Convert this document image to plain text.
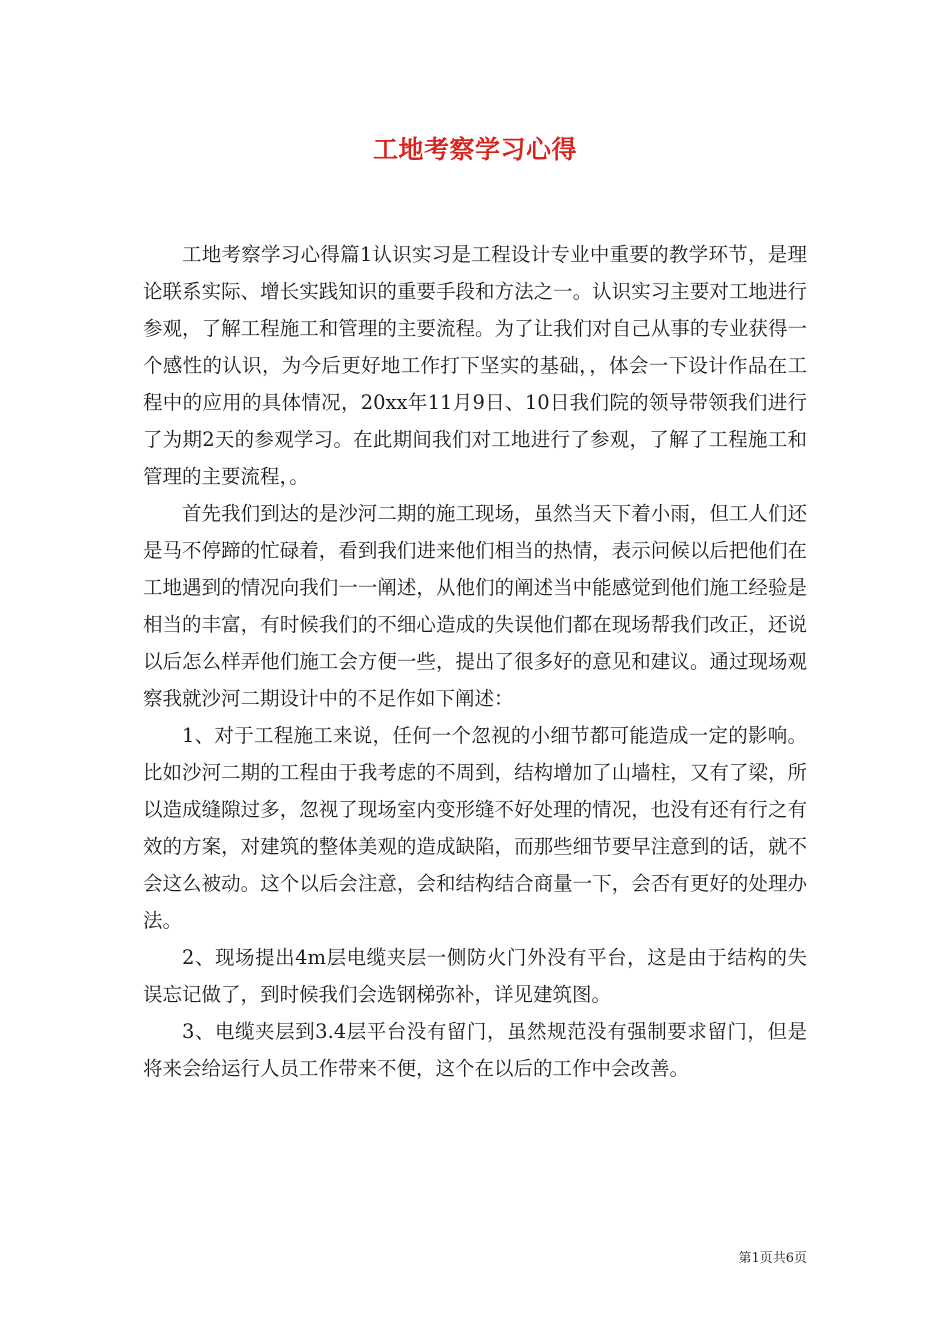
工地考察学习心得

工地考察学习心得篇1认识实习是工程设计专业中重要的教学环节，是理论联系实际、增长实践知识的重要手段和方法之一。认识实习主要对工地进行参观，了解工程施工和管理的主要流程。为了让我们对自己从事的专业获得一个感性的认识，为今后更好地工作打下坚实的基础，，体会一下设计作品在工程中的应用的具体情况，20xx年11月9日、10日我们院的领导带领我们进行了为期2天的参观学习。在此期间我们对工地进行了参观，了解了工程施工和管理的主要流程，。

首先我们到达的是沙河二期的施工现场，虽然当天下着小雨，但工人们还是马不停蹄的忙碌着，看到我们进来他们相当的热情，表示问候以后把他们在工地遇到的情况向我们一一阐述，从他们的阐述当中能感觉到他们施工经验是相当的丰富，有时候我们的不细心造成的失误他们都在现场帮我们改正，还说以后怎么样弄他们施工会方便一些，提出了很多好的意见和建议。通过现场观察我就沙河二期设计中的不足作如下阐述：

1、对于工程施工来说，任何一个忽视的小细节都可能造成一定的影响。比如沙河二期的工程由于我考虑的不周到，结构增加了山墙柱，又有了梁，所以造成缝隙过多，忽视了现场室内变形缝不好处理的情况，也没有还有行之有效的方案，对建筑的整体美观的造成缺陷，而那些细节要早注意到的话，就不会这么被动。这个以后会注意，会和结构结合商量一下，会否有更好的处理办法。

2、现场提出4m层电缆夹层一侧防火门外没有平台，这是由于结构的失误忘记做了，到时候我们会选钢梯弥补，详见建筑图。

3、电缆夹层到3.4层平台没有留门，虽然规范没有强制要求留门，但是将来会给运行人员工作带来不便，这个在以后的工作中会改善。

第1页共6页
